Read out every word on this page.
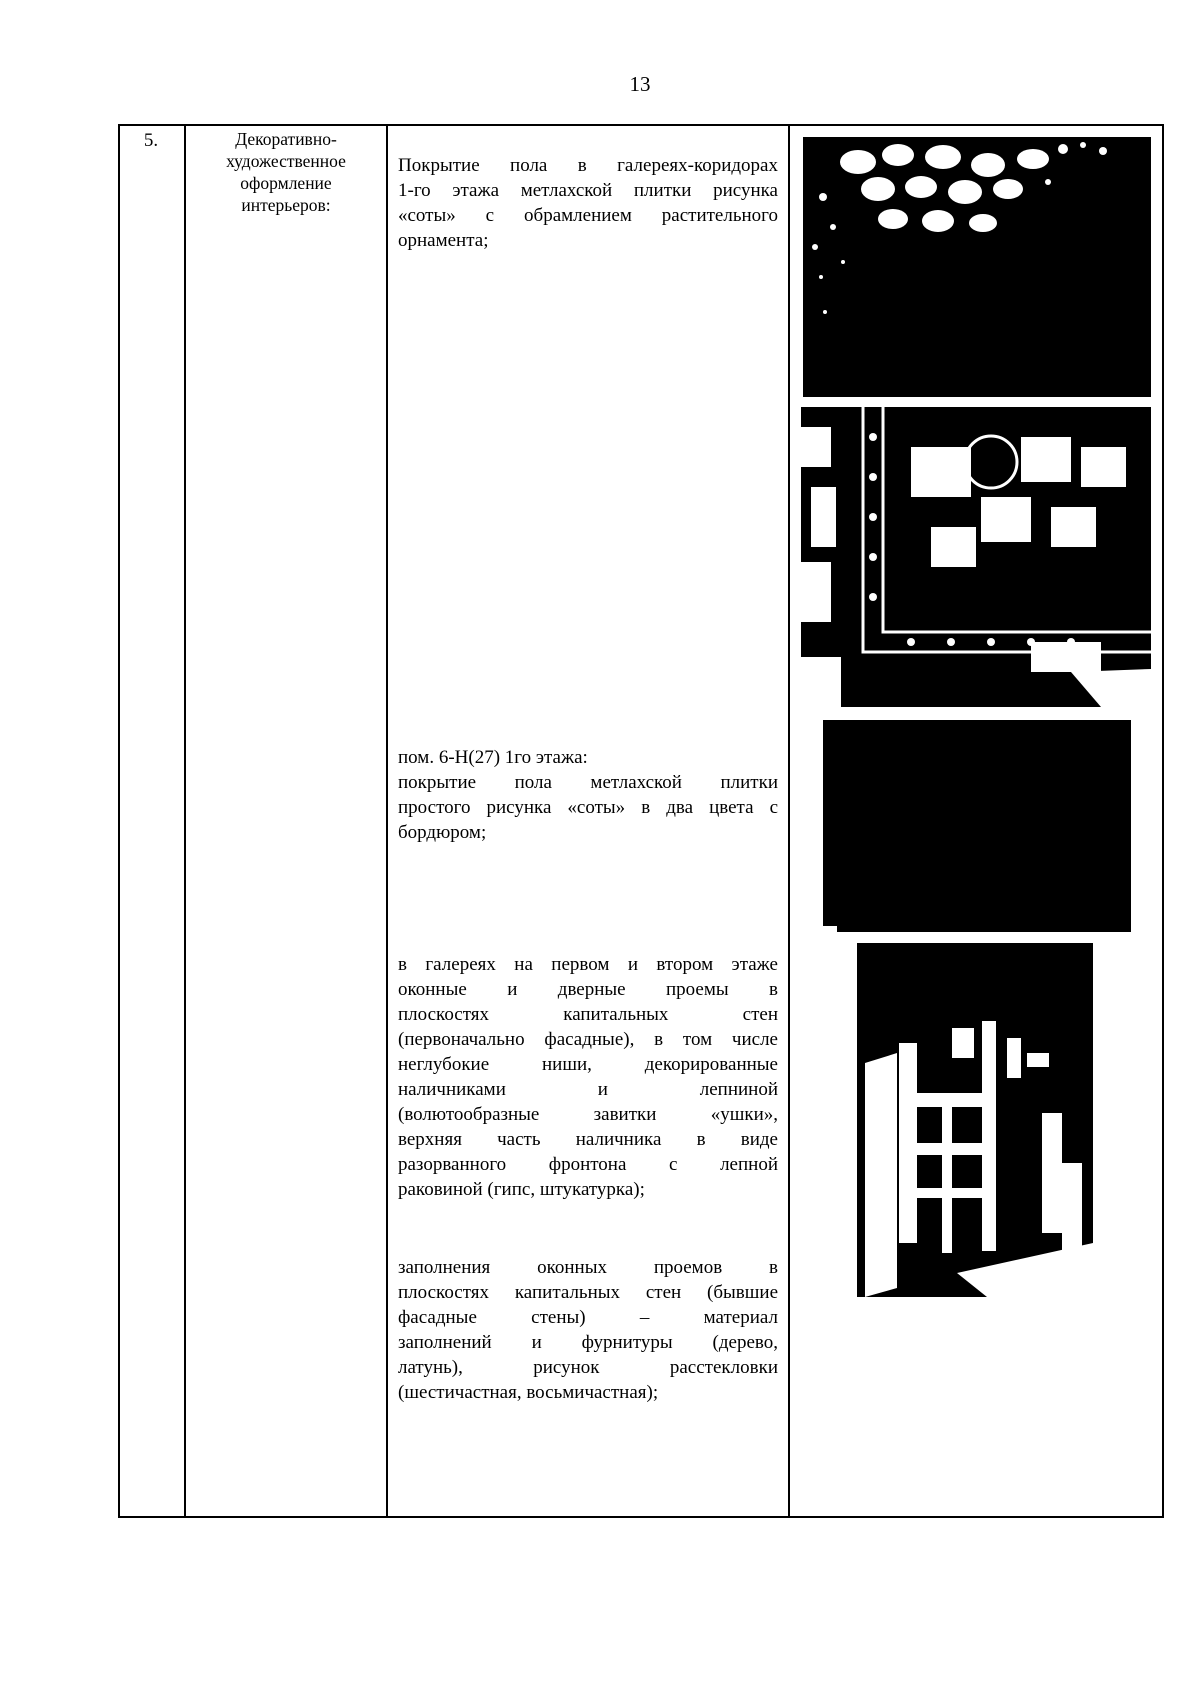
13
5.	Декоративно-
художественное
оформление
интерьеров:
Покрытие пола в галереях-коридорах
1-го этажа метлахской плитки рисунка
«соты» с обрамлением растительного
орнамента;
пом. 6-Н(27) 1го этажа:
покрытие пола метлахской плитки
простого рисунка «соты» в два цвета с
бордюром;
в галереях на первом и втором этаже
оконные и дверные проемы в
плоскостях капитальных стен
(первоначально фасадные), в том числе
неглубокие ниши, декорированные
наличниками и лепниной
(волютообразные завитки «ушки»,
верхняя часть наличника в виде
разорванного фронтона с лепной
раковиной (гипс, штукатурка);
заполнения оконных проемов в
плоскостях капитальных стен (бывшие
фасадные стены) – материал
заполнений и фурнитуры (дерево,
латунь), рисунок расстекловки
(шестичастная, восьмичастная);
